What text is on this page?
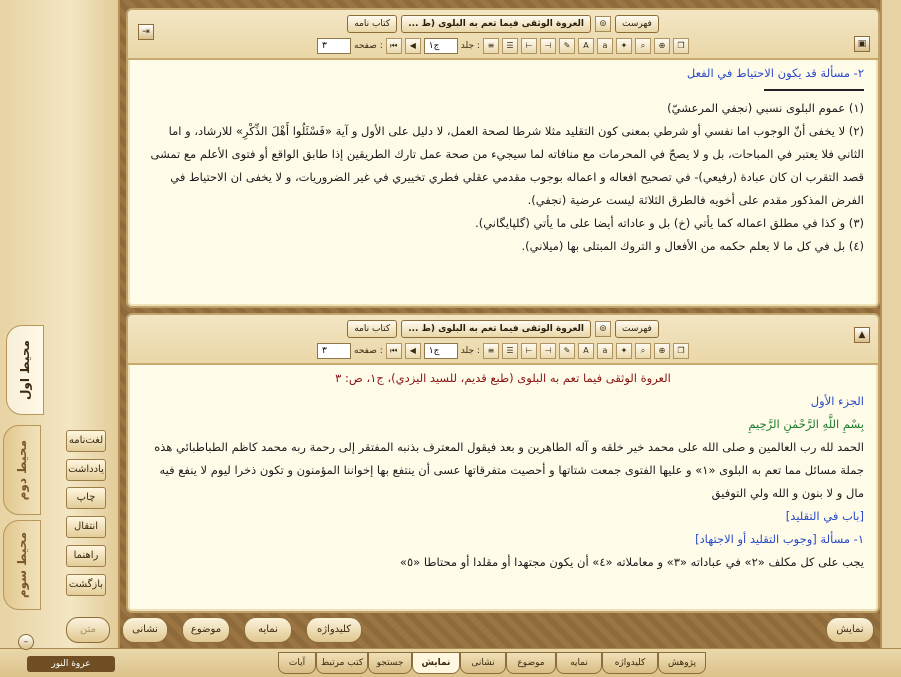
محيط اول
محيط دوم
محيط سوم
لغت‌نامه
يادداشت
چاپ
انتقال
راهنما
بازگشت
⇥
▣
فهرست
⊚
العروة الوثقى فيما تعم به البلوى (ط ...
كتاب نامه
٣	صفحه : ⏮	◀	ج١	جلد : ≡	☰	⊢	⊣	✎	A	a	✦	⌕	⊕	❐
٢- مسألة قد يكون الاحتياط في الفعل
(١) عموم البلوى نسبي (نجفي المرعشيّ)
(٢) لا يخفى أنّ الوجوب اما نفسي أو شرطي بمعنى كون التقليد مثلا شرطا لصحة العمل، لا دليل على الأول و آية «فَسْئَلُوا أَهْلَ الذِّكْرِ» للارشاد، و اما الثاني فلا يعتبر في المباحات، بل و لا يصحّ في المحرمات مع منافاته لما سيجيء من صحة عمل تارك الطريقين إذا طابق الواقع أو فتوى الأعلم مع تمشى قصد التقرب ان كان عبادة (رفيعي)- في تصحيح افعاله و اعماله بوجوب مقدمي عقلي فطري تخييري في غير الضروريات، و لا يخفى ان الاحتياط في الفرض المذكور مقدم على أخويه فالطرق الثلاثة ليست عرضية (نجفي).
(٣) و كذا في مطلق اعماله كما يأتي (خ) بل و عاداته أيضا على ما يأتي (گلپايگاني).
(٤) بل في كل ما لا يعلم حكمه من الأفعال و التروك المبتلى بها (ميلاني).
▲
فهرست
⊚
العروة الوثقى فيما تعم به البلوى (ط ...
كتاب نامه
٣	صفحه : ⏮	◀	ج١	جلد : ≡	☰	⊢	⊣	✎	A	a	✦	⌕	⊕	❐
العروة الوثقى فيما تعم به البلوى (طبع قديم، للسيد اليزدي)، ج١، ص: ٣
الجزء الأول
بِسْمِ اللَّهِ الرَّحْمٰنِ الرَّحِيمِ
الحمد لله رب العالمين و صلى الله على محمد خير خلقه و آله الطاهرين و بعد فيقول المعترف بذنبه المفتقر إلى رحمة ربه محمد كاظم الطباطبائي هذه جملة مسائل مما تعم به البلوى «١» و عليها الفتوى جمعت شتاتها و أحصيت متفرقاتها عسى أن ينتفع بها إخواننا المؤمنون و تكون ذخرا ليوم لا ينفع فيه مال و لا بنون و الله ولي التوفيق
[باب في التقليد]
١- مسألة [وجوب التقليد أو الاجتهاد]
يجب على كل مكلف «٢» في عباداته «٣» و معاملاته «٤» أن يكون مجتهدا أو مقلدا أو محتاطا «٥»
متن	نشانی	موضوع	نمايه	کليدواژه	نمايش
عروة النور
–
آيات	كتب مرتبط	جستجو	نمايش	نشانی	موضوع	نمايه	كليدواژه	پژوهش
